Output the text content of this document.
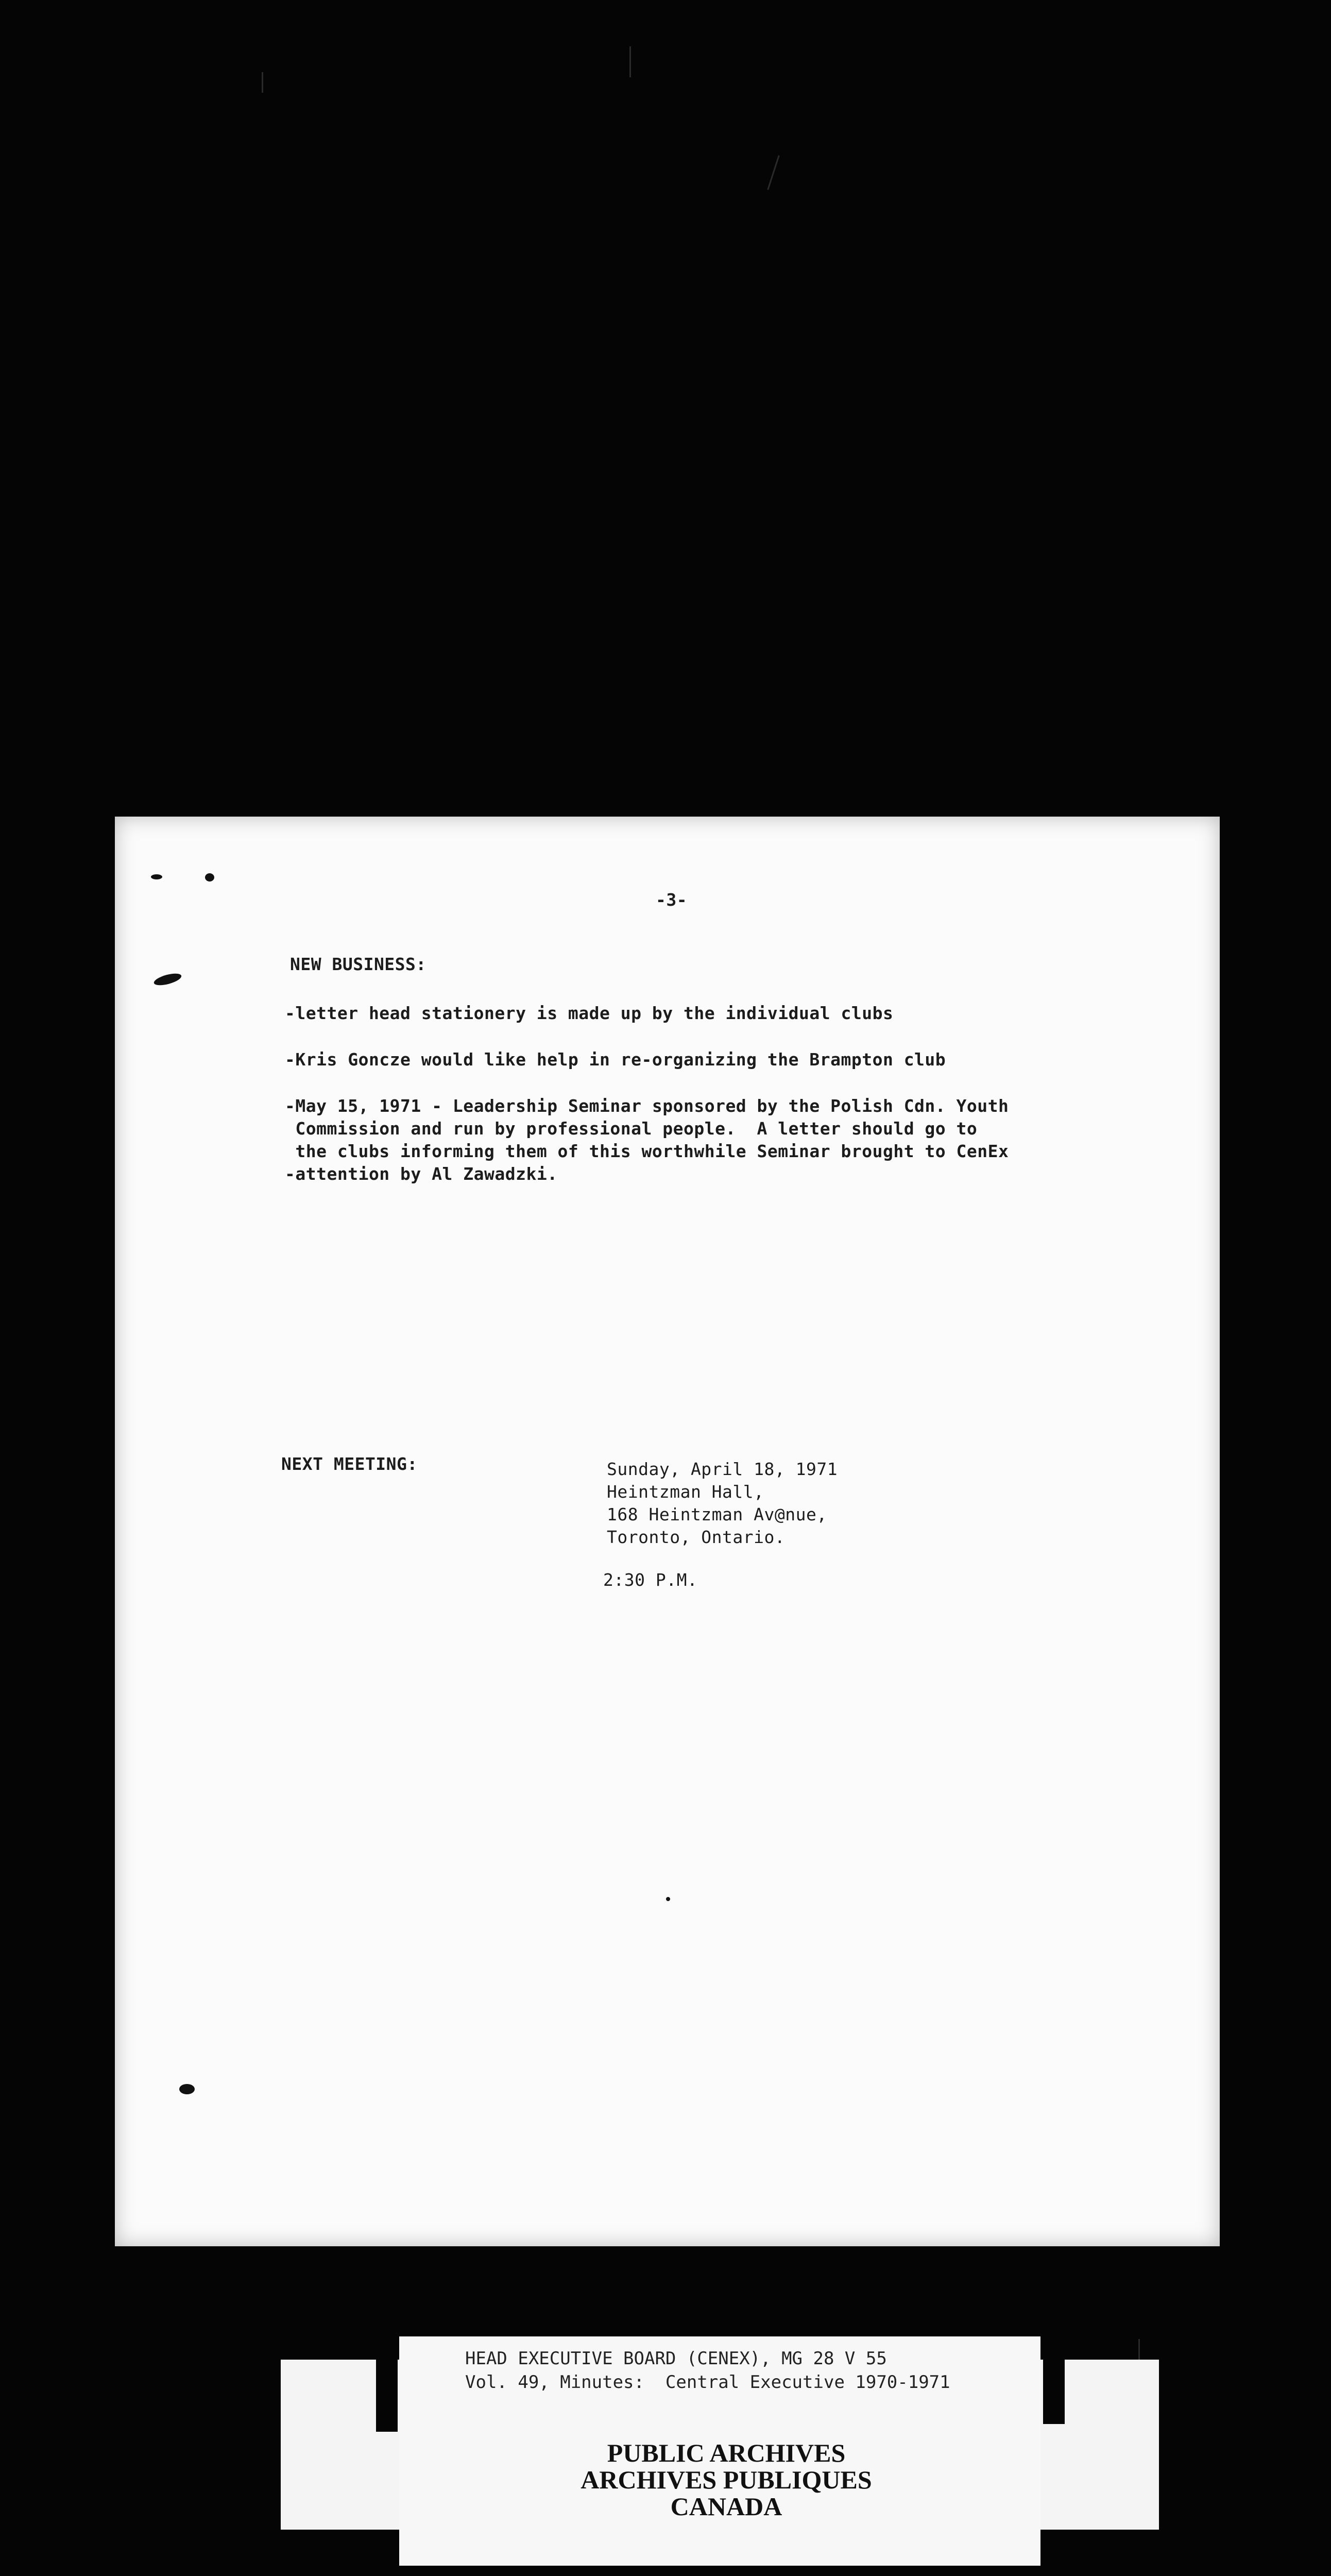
-3-
NEW BUSINESS:
-letter head stationery is made up by the individual clubs
-Kris Goncze would like help in re-organizing the Brampton club
-May 15, 1971 - Leadership Seminar sponsored by the Polish Cdn. Youth
Commission and run by professional people.  A letter should go to
the clubs informing them of this worthwhile Seminar brought to CenEx
-attention by Al Zawadzki.
NEXT MEETING:	Sunday, April 18, 1971
Heintzman Hall,
168 Heintzman Av@nue,
Toronto, Ontario.
2:30 P.M.
HEAD EXECUTIVE BOARD (CENEX), MG 28 V 55
Vol. 49, Minutes:  Central Executive 1970-1971
PUBLIC ARCHIVES
ARCHIVES PUBLIQUES
CANADA
